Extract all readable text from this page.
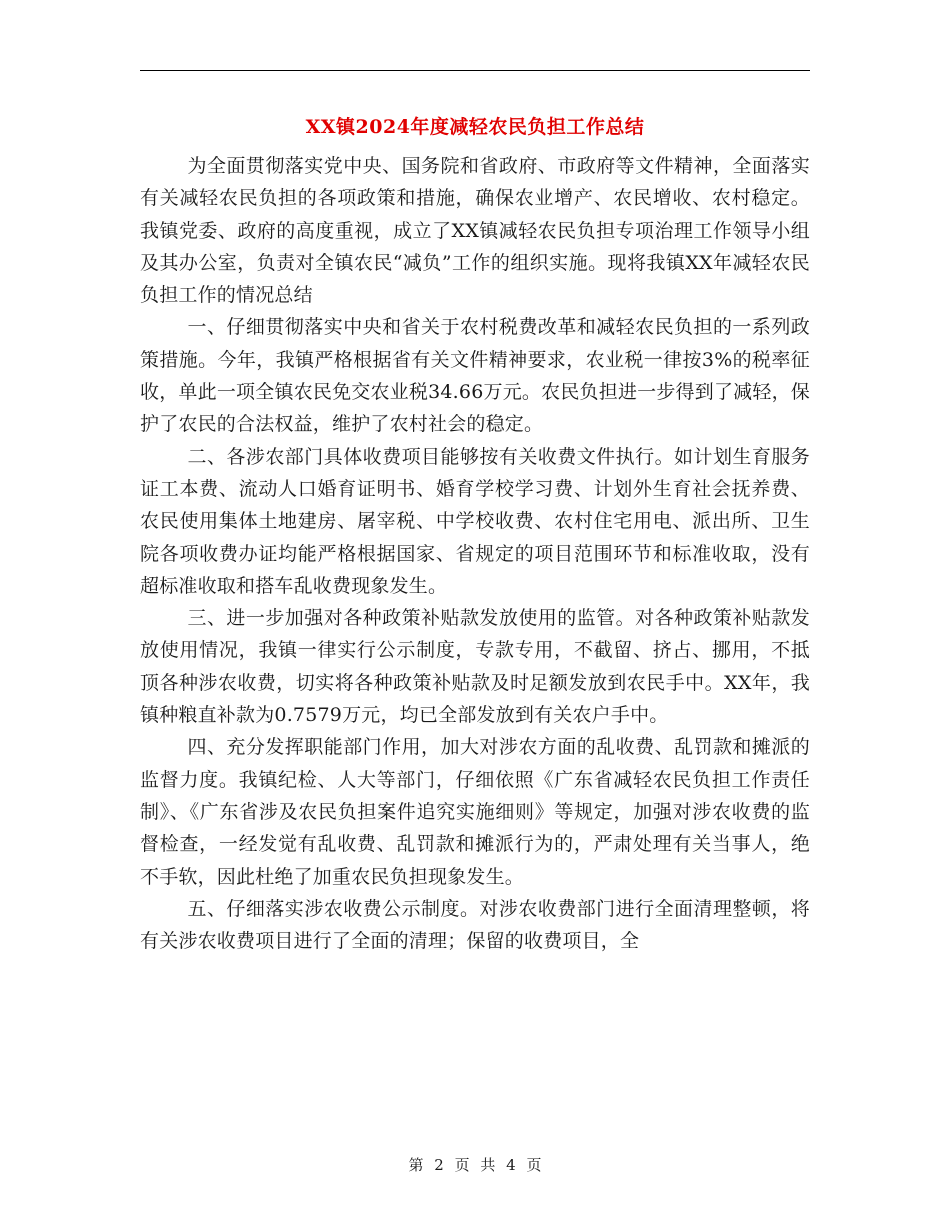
XX镇2024年度减轻农民负担工作总结

为全面贯彻落实党中央、国务院和省政府、市政府等文件精神，全面落实有关减轻农民负担的各项政策和措施，确保农业增产、农民增收、农村稳定。我镇党委、政府的高度重视，成立了XX镇减轻农民负担专项治理工作领导小组及其办公室，负责对全镇农民“减负”工作的组织实施。现将我镇XX年减轻农民负担工作的情况总结

一、仔细贯彻落实中央和省关于农村税费改革和减轻农民负担的一系列政策措施。今年，我镇严格根据省有关文件精神要求，农业税一律按3%的税率征收，单此一项全镇农民免交农业税34.66万元。农民负担进一步得到了减轻，保护了农民的合法权益，维护了农村社会的稳定。

二、各涉农部门具体收费项目能够按有关收费文件执行。如计划生育服务证工本费、流动人口婚育证明书、婚育学校学习费、计划外生育社会抚养费、农民使用集体土地建房、屠宰税、中学校收费、农村住宅用电、派出所、卫生院各项收费办证均能严格根据国家、省规定的项目范围环节和标准收取，没有超标准收取和搭车乱收费现象发生。

三、进一步加强对各种政策补贴款发放使用的监管。对各种政策补贴款发放使用情况，我镇一律实行公示制度，专款专用，不截留、挤占、挪用，不抵顶各种涉农收费，切实将各种政策补贴款及时足额发放到农民手中。XX年，我镇种粮直补款为0.7579万元，均已全部发放到有关农户手中。

四、充分发挥职能部门作用，加大对涉农方面的乱收费、乱罚款和摊派的监督力度。我镇纪检、人大等部门，仔细依照《广东省减轻农民负担工作责任制》、《广东省涉及农民负担案件追究实施细则》等规定，加强对涉农收费的监督检查，一经发觉有乱收费、乱罚款和摊派行为的，严肃处理有关当事人，绝不手软，因此杜绝了加重农民负担现象发生。

五、仔细落实涉农收费公示制度。对涉农收费部门进行全面清理整顿，将有关涉农收费项目进行了全面的清理；保留的收费项目，全

第 2 页 共 4 页
